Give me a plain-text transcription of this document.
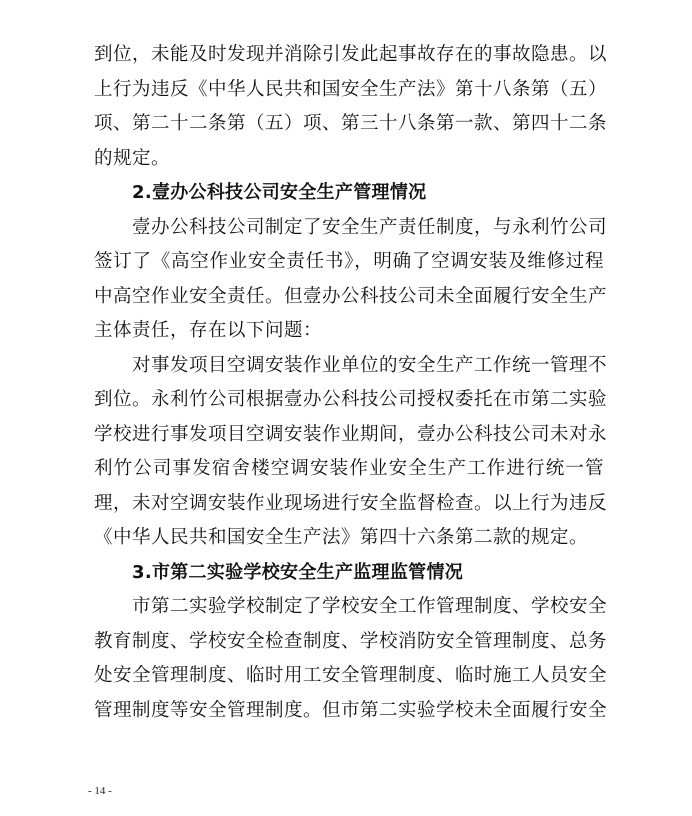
到位，未能及时发现并消除引发此起事故存在的事故隐患。以
上行为违反《中华人民共和国安全生产法》第十八条第（五）
项、第二十二条第（五）项、第三十八条第一款、第四十二条
的规定。
2.壹办公科技公司安全生产管理情况
　　壹办公科技公司制定了安全生产责任制度，与永利竹公司
签订了《高空作业安全责任书》，明确了空调安装及维修过程
中高空作业安全责任。但壹办公科技公司未全面履行安全生产
主体责任，存在以下问题：
　　对事发项目空调安装作业单位的安全生产工作统一管理不
到位。永利竹公司根据壹办公科技公司授权委托在市第二实验
学校进行事发项目空调安装作业期间，壹办公科技公司未对永
利竹公司事发宿舍楼空调安装作业安全生产工作进行统一管
理，未对空调安装作业现场进行安全监督检查。以上行为违反
《中华人民共和国安全生产法》第四十六条第二款的规定。
3.市第二实验学校安全生产监理监管情况
　　市第二实验学校制定了学校安全工作管理制度、学校安全
教育制度、学校安全检查制度、学校消防安全管理制度、总务
处安全管理制度、临时用工安全管理制度、临时施工人员安全
管理制度等安全管理制度。但市第二实验学校未全面履行安全
- 14 -
